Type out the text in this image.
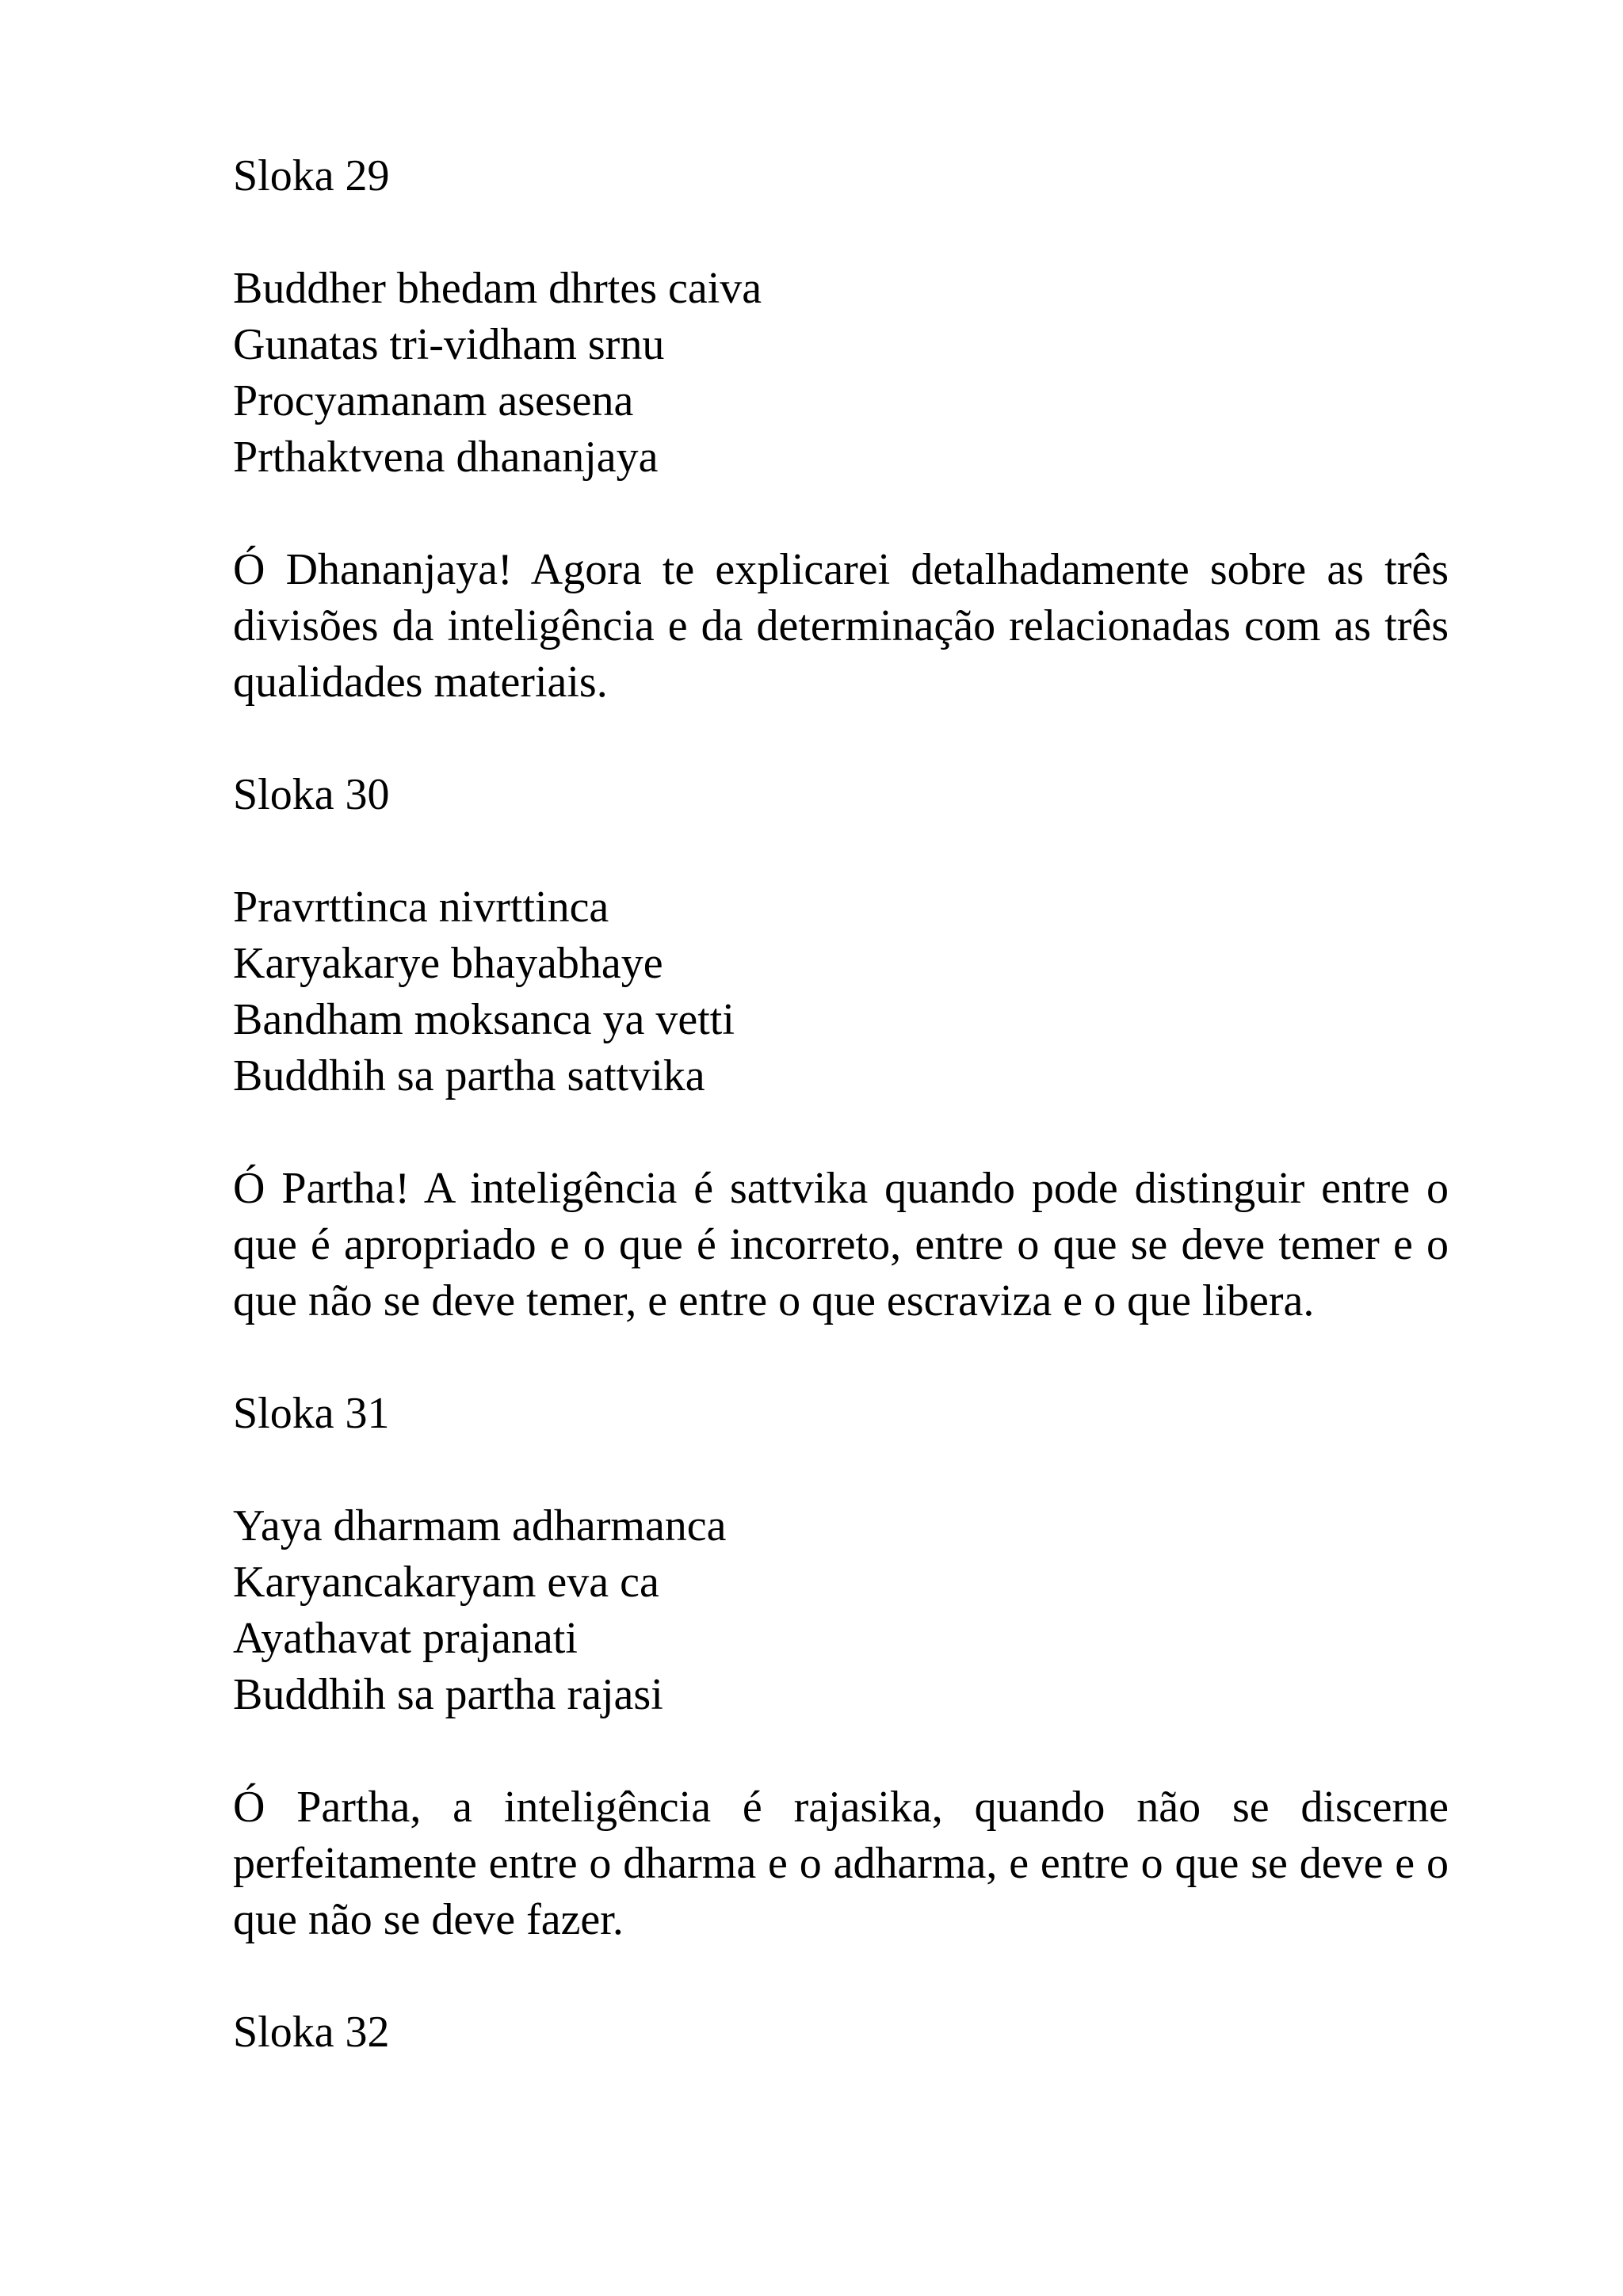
Sloka 29

Buddher bhedam dhrtes caiva

Gunatas tri-vidham srnu

Procyamanam asesena

Prthaktvena dhananjaya

Ó Dhananjaya! Agora te explicarei detalhadamente sobre as três divisões da inteligência e da determinação relacionadas com as três qualidades materiais.

Sloka 30

Pravrttinca nivrttinca

Karyakarye bhayabhaye

Bandham moksanca ya vetti

Buddhih sa partha sattvika

Ó Partha! A inteligência é sattvika quando pode distinguir entre o que é apropriado e o que é incorreto, entre o que se deve temer e o que não se deve temer, e entre o que escraviza e o que libera.

Sloka 31

Yaya dharmam adharmanca

Karyancakaryam eva ca

Ayathavat prajanati

Buddhih sa partha rajasi

Ó Partha, a inteligência é rajasika, quando não se discerne perfeitamente entre o dharma e o adharma, e entre o que se deve e o que não se deve fazer.

Sloka 32
